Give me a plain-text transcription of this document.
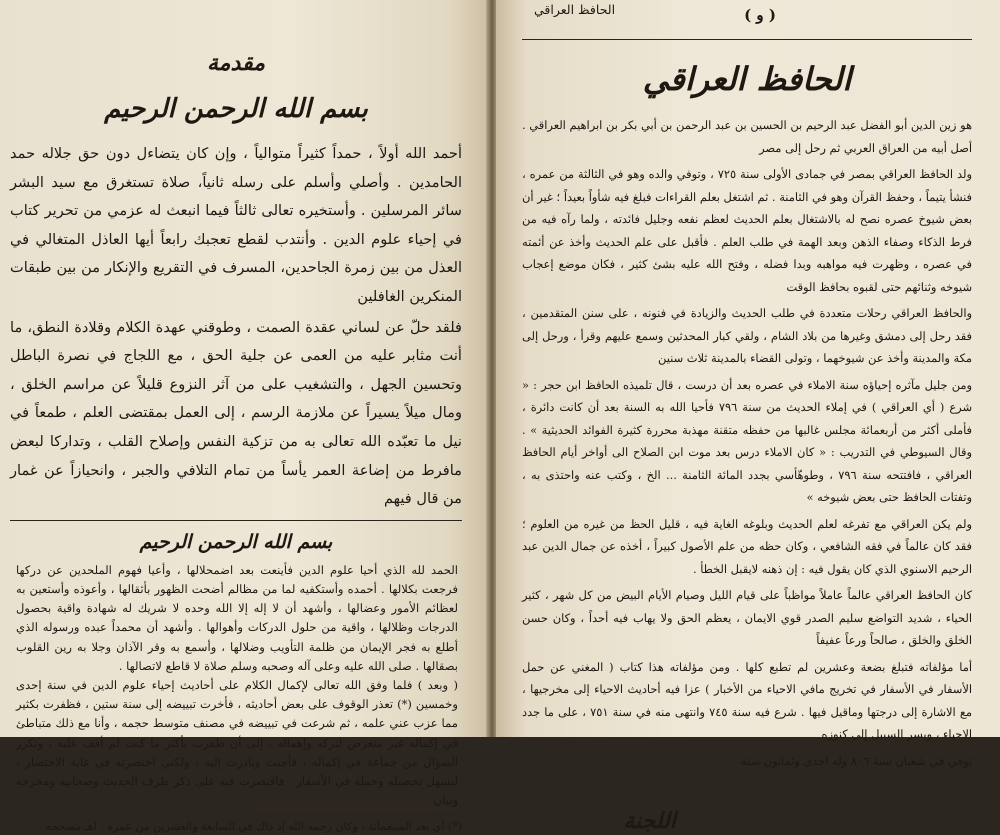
مقدمة
بسم الله الرحمن الرحيم

أحمد الله أولاً ، حمداً كثيراً متوالياً ، وإن كان يتضاءل دون حق جلاله حمد الحامدين . وأصلي وأسلم على رسله ثانياً، صلاة تستغرق مع سيد البشر سائر المرسلين . وأستخيره تعالى ثالثاً فيما انبعث له عزمي من تحرير كتاب في إحياء علوم الدين . وأنتدب لقطع تعجبك رابعاً أيها العاذل المتغالي في العذل من بين زمرة الجاحدين، المسرف في التقريع والإنكار من بين طبقات المنكرين الغافلين

فلقد حلّ عن لساني عقدة الصمت ، وطوقني عهدة الكلام وقلادة النطق، ما أنت مثابر عليه من العمى عن جلية الحق ، مع اللجاج في نصرة الباطل وتحسين الجهل ، والتشغيب على من آثر النزوع قليلاً عن مراسم الخلق ، ومال ميلاً يسيراً عن ملازمة الرسم ، إلى العمل بمقتضى العلم ، طمعاً في نيل ما تعبّده الله تعالى به من تزكية النفس وإصلاح القلب ، وتداركا لبعض مافرط من إضاعة العمر يأساً من تمام التلافي والجبر ، وانحيازاً عن غمار من قال فيهم

بسم الله الرحمن الرحيم

الحمد لله الذي أحيا علوم الدين فأينعت بعد اضمحلالها ، وأعيا فهوم الملحدين عن دركها فرجعت بكلالها . أحمده وأستكفيه لما من مظالم أضحت الظهور بأثقالها ، وأعوذه وأستعين به لعظائم الأمور وعضالها ، وأشهد أن لا إله إلا الله وحده لا شريك له شهادة واقية بحصول الدرجات وظلالها ، واقية من حلول الدركات وأهوالها . وأشهد أن محمداً عبده ورسوله الذي أطلع به فجر الإيمان من ظلمة التأويب وضلالها ، وأسمع به وقر الآذان وجلا به رين القلوب بصقالها . صلى الله عليه وعلى آله وصحبه وسلم صلاة لا قاطع لاتصالها .

( وبعد ) فلما وفق الله تعالى لإكمال الكلام على أحاديث إحياء علوم الدين في سنة إحدى وخمسين (*) تعذر الوقوف على بعض أحاديثه ، فأخرت تبييضه إلى سنة ستين ، فظفرت بكثير مما عزب عني علمه ، ثم شرعت في تبييضه في مصنف متوسط حجمه ، وأنا مع ذلك متباطئ في إكماله غير متعرض لتركه وإهماله ، إلى أن ظفرت بأكثر ما كنت لم أقف عليه ، وتكرر السؤال من جماعة في إكماله ، فأجبت وبادرت إليه ، ولكني اختصرته في غاية الاختصار ، ليسهل تحصيله وحمله في الأسفار . فاقتصرت فيه على ذكر طرف الحديث وصحابيه ومخرجه وبيان

(*) أي بعد السبعمائة ، وكان رحمه الله إذ ذاك في السابعة والعشرين من عمره . اهـ مصححه

الحافظ العراقي	( و )
الحافظ العراقي

هو زين الدين أبو الفضل عبد الرحيم بن الحسين بن عبد الرحمن بن أبي بكر بن ابراهيم العراقي . أصل أبيه من العراق العربي ثم رحل إلى مصر

ولد الحافظ العراقي بمصر في جمادى الأولى سنة ٧٢٥ ، وتوفي والده وهو في الثالثة من عمره ، فنشأ يتيماً ، وحفظ القرآن وهو في الثامنة . ثم اشتغل بعلم القراءات فبلغ فيه شأواً بعيداً ؛ غير أن بعض شيوخ عصره نصح له بالاشتغال بعلم الحديث لعظم نفعه وجليل فائدته ، ولما رآه فيه من فرط الذكاء وصفاء الذهن وبعد الهمة في طلب العلم . فأقبل على علم الحديث وأخذ عن أئمته في عصره ، وظهرت فيه مواهبه وبدا فضله ، وفتح الله عليه بشئ كثير ، فكان موضع إعجاب شيوخه وثنائهم حتى لقبوه بحافظ الوقت

والحافظ العراقي رحلات متعددة في طلب الحديث والزيادة في فنونه ، على سنن المتقدمين ، فقد رحل إلى دمشق وغيرها من بلاد الشام ، ولقي كبار المحدثين وسمع عليهم وقرأ ، ورحل إلى مكة والمدينة وأخذ عن شيوخهما ، وتولى القضاء بالمدينة ثلاث سنين

ومن جليل مآثره إحياؤه سنة الاملاء في عصره بعد أن درست ، قال تلميذه الحافظ ابن حجر : « شرع ( أي العراقي ) في إملاء الحديث من سنة ٧٩٦ فأحيا الله به السنة بعد أن كانت دائرة ، فأملى أكثر من أربعمائة مجلس غالبها من حفظه متقنة مهذبة محررة كثيرة الفوائد الحديثية » . وقال السيوطي في التدريب : « كان الاملاء درس بعد موت ابن الصلاح الى أواخر أيام الحافظ العراقي ، فافتتحه سنة ٧٩٦ ، وطوهّأسي بجدد المائة الثامنة ... الخ ، وكتب عنه واحتذى به ، وتفتات الحافظ حتى بعض شيوخه »

ولم يكن العراقي مع تفرغه لعلم الحديث وبلوغه الغاية فيه ، قليل الحظ من غيره من العلوم ؛ فقد كان عالماً في فقه الشافعي ، وكان حظه من علم الأصول كبيراً ، أخذه عن جمال الدين عبد الرحيم الاسنوي الذي كان يقول فيه : إن ذهنه لايقبل الخطأ .

كان الحافظ العراقي عالماً عاملاً مواظباً على قيام الليل وصيام الأيام البيض من كل شهر ، كثير الحياء ، شديد التواضع سليم الصدر قوي الايمان ، يعظم الحق ولا يهاب فيه أحداً ، وكان حسن الخلق والخلق ، صالحاً ورعاً عفيفاً

أما مؤلفاته فتبلغ بضعة وعشرين لم تطبع كلها . ومن مؤلفاته هذا كتاب ( المغني عن حمل الأسفار في الأسفار في تخريج مافي الاحياء من الأخبار ) عزا فيه أحاديث الاحياء إلى مخرجيها ، مع الاشارة إلى درجتها وماقيل فيها . شرع فيه سنة ٧٤٥ وانتهى منه في سنة ٧٥١ ، على ما جدد الاحياء ، ويسر السبيل إلى كنوزه

توفي في شعبان سنة ٨٠٦ وله احدى وثمانون سنة

اللجنة
